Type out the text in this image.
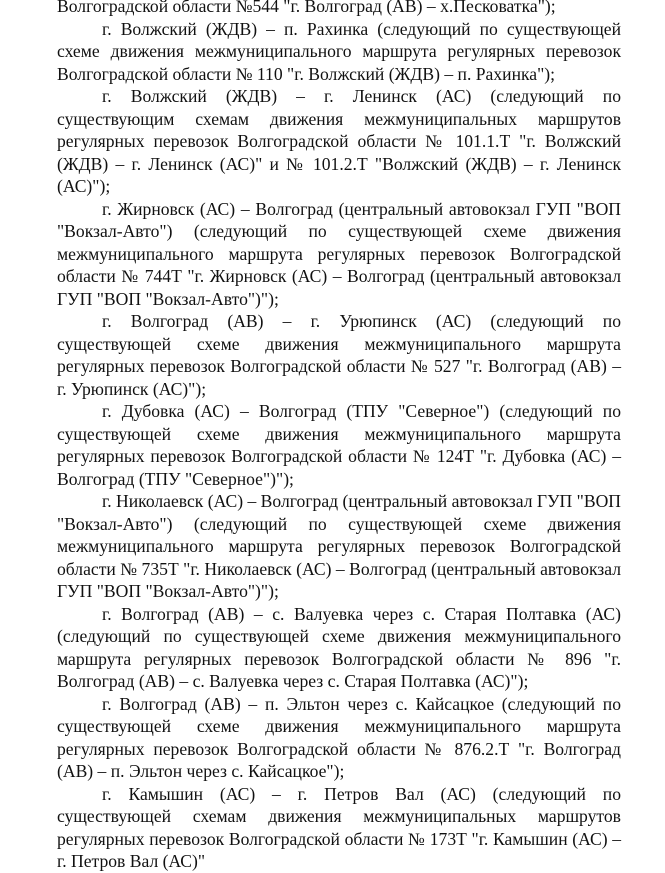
Волгоградской области №544 "г. Волгоград (АВ) – х.Песковатка");

г. Волжский (ЖДВ) – п. Рахинка (следующий по существующей схеме движения межмуниципального маршрута регулярных перевозок Волгоградской области № 110 "г. Волжский (ЖДВ) – п. Рахинка");

г. Волжский (ЖДВ) – г. Ленинск (АС) (следующий по существующим схемам движения межмуниципальных маршрутов регулярных перевозок Волгоградской области № 101.1.Т "г. Волжский (ЖДВ) – г. Ленинск (АС)" и № 101.2.Т "Волжский (ЖДВ) – г. Ленинск (АС)");

г. Жирновск (АС) – Волгоград (центральный автовокзал ГУП "ВОП "Вокзал-Авто") (следующий по существующей схеме движения межмуниципального маршрута регулярных перевозок Волгоградской области № 744Т "г. Жирновск (АС) – Волгоград (центральный автовокзал ГУП "ВОП "Вокзал-Авто")");

г. Волгоград (АВ) – г. Урюпинск (АС) (следующий по существующей схеме движения межмуниципального маршрута регулярных перевозок Волгоградской области № 527 "г. Волгоград (АВ) – г. Урюпинск (АС)");

г. Дубовка (АС) – Волгоград (ТПУ "Северное") (следующий по существующей схеме движения межмуниципального маршрута регулярных перевозок Волгоградской области № 124Т "г. Дубовка (АС) – Волгоград (ТПУ "Северное")");

г. Николаевск (АС) – Волгоград (центральный автовокзал ГУП "ВОП "Вокзал-Авто") (следующий по существующей схеме движения межмуниципального маршрута регулярных перевозок Волгоградской области № 735Т "г. Николаевск (АС) – Волгоград (центральный автовокзал ГУП "ВОП "Вокзал-Авто")");

г. Волгоград (АВ) – с. Валуевка через с. Старая Полтавка (АС) (следующий по существующей схеме движения межмуниципального маршрута регулярных перевозок Волгоградской области № 896 "г. Волгоград (АВ) – с. Валуевка через с. Старая Полтавка (АС)");

г. Волгоград (АВ) – п. Эльтон через с. Кайсацкое (следующий по существующей схеме движения межмуниципального маршрута регулярных перевозок Волгоградской области № 876.2.Т "г. Волгоград (АВ) – п. Эльтон через с. Кайсацкое");

г. Камышин (АС) – г. Петров Вал (АС) (следующий по существующей схемам движения межмуниципальных маршрутов регулярных перевозок Волгоградской области № 173Т "г. Камышин (АС) – г. Петров Вал (АС)"
